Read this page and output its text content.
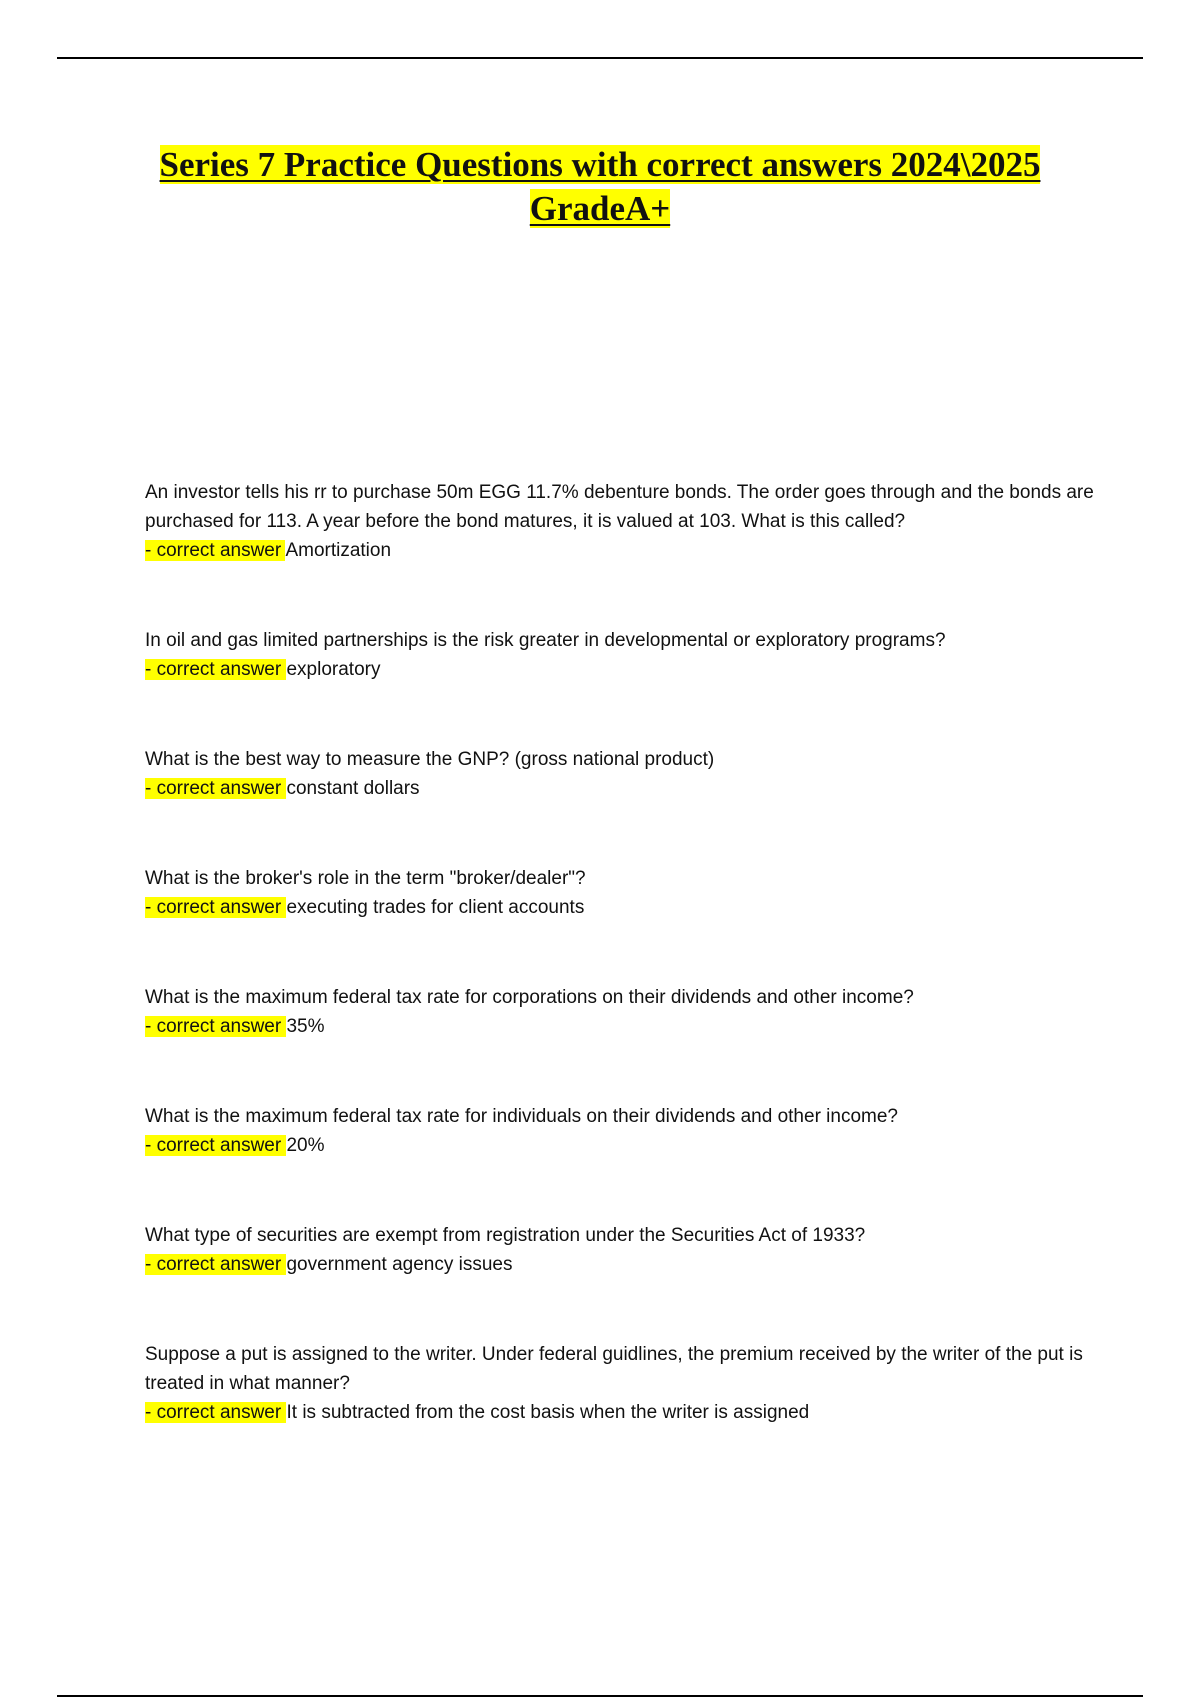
Series 7 Practice Questions with correct answers 2024\2025
GradeA+

An investor tells his rr to purchase 50m EGG 11.7% debenture bonds. The order goes through and the bonds are purchased for 113. A year before the bond matures, it is valued at 103. What is this called?
- correct answer Amortization

In oil and gas limited partnerships is the risk greater in developmental or exploratory programs?
- correct answer exploratory

What is the best way to measure the GNP? (gross national product)
- correct answer constant dollars

What is the broker's role in the term "broker/dealer"?
- correct answer executing trades for client accounts

What is the maximum federal tax rate for corporations on their dividends and other income?
- correct answer 35%

What is the maximum federal tax rate for individuals on their dividends and other income?
- correct answer 20%

What type of securities are exempt from registration under the Securities Act of 1933?
- correct answer government agency issues

Suppose a put is assigned to the writer. Under federal guidlines, the premium received by the writer of the put is treated in what manner?
- correct answer It is subtracted from the cost basis when the writer is assigned
